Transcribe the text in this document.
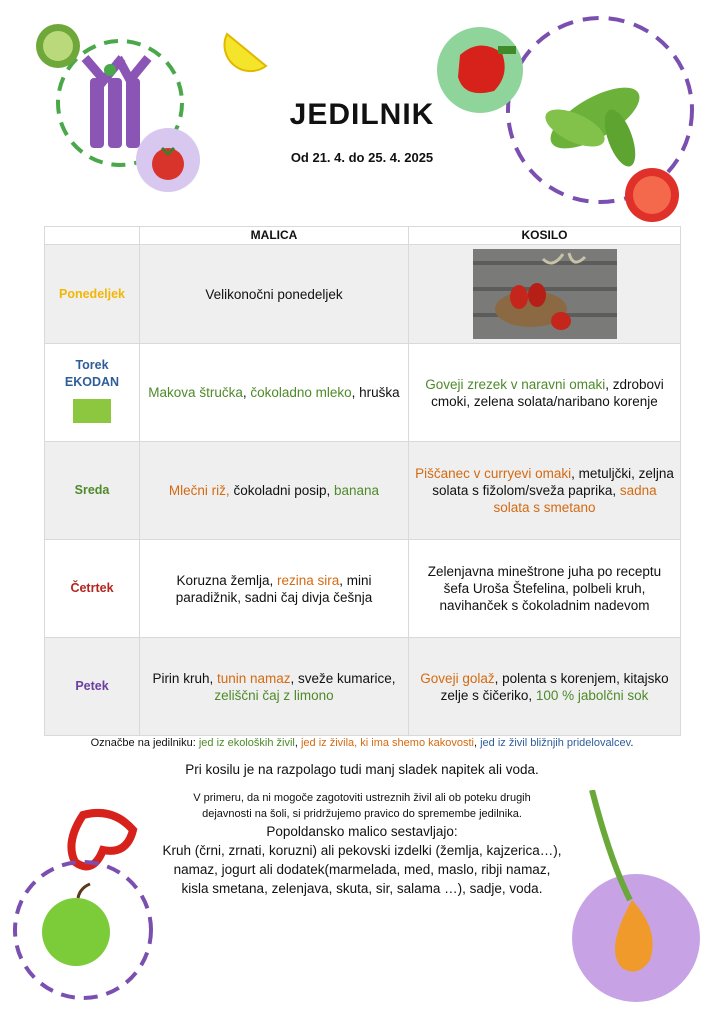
JEDILNIK
Od 21. 4. do 25. 4. 2025
	MALICA	KOSILO

Ponedeljek	Velikonočni ponedeljek	

Torek
EKODAN	Makova štručka, čokoladno mleko, hruška	Goveji zrezek v naravni omaki, zdrobovi cmoki, zelena solata/naribano korenje

Sreda	Mlečni riž, čokoladni posip, banana	Piščanec v curryevi omaki, metuljčki, zeljna solata s fižolom/sveža paprika, sadna solata s smetano

Četrtek	Koruzna žemlja, rezina sira, mini paradižnik, sadni čaj divja češnja	Zelenjavna mineštrone juha po receptu šefa Uroša Štefelina, polbeli kruh, navihanček s čokoladnim nadevom

Petek	Pirin kruh, tunin namaz, sveže kumarice, zeliščni čaj z limono	Goveji golaž, polenta s korenjem, kitajsko zelje s čičeriko, 100 % jabolčni sok
Označbe na jedilniku: jed iz ekoloških živil, jed iz živila, ki ima shemo kakovosti, jed iz živil bližnjih pridelovalcev.
Pri kosilu je na razpolago tudi manj sladek napitek ali voda.
V primeru, da ni mogoče zagotoviti ustreznih živil ali ob poteku drugih dejavnosti na šoli, si pridržujemo pravico do spremembe jedilnika.
Popoldansko malico sestavljajo:
Kruh (črni, zrnati, koruzni) ali pekovski izdelki (žemlja, kajzerica…), namaz, jogurt ali dodatek(marmelada, med, maslo, ribji namaz, kisla smetana, zelenjava, skuta, sir, salama …), sadje, voda.
